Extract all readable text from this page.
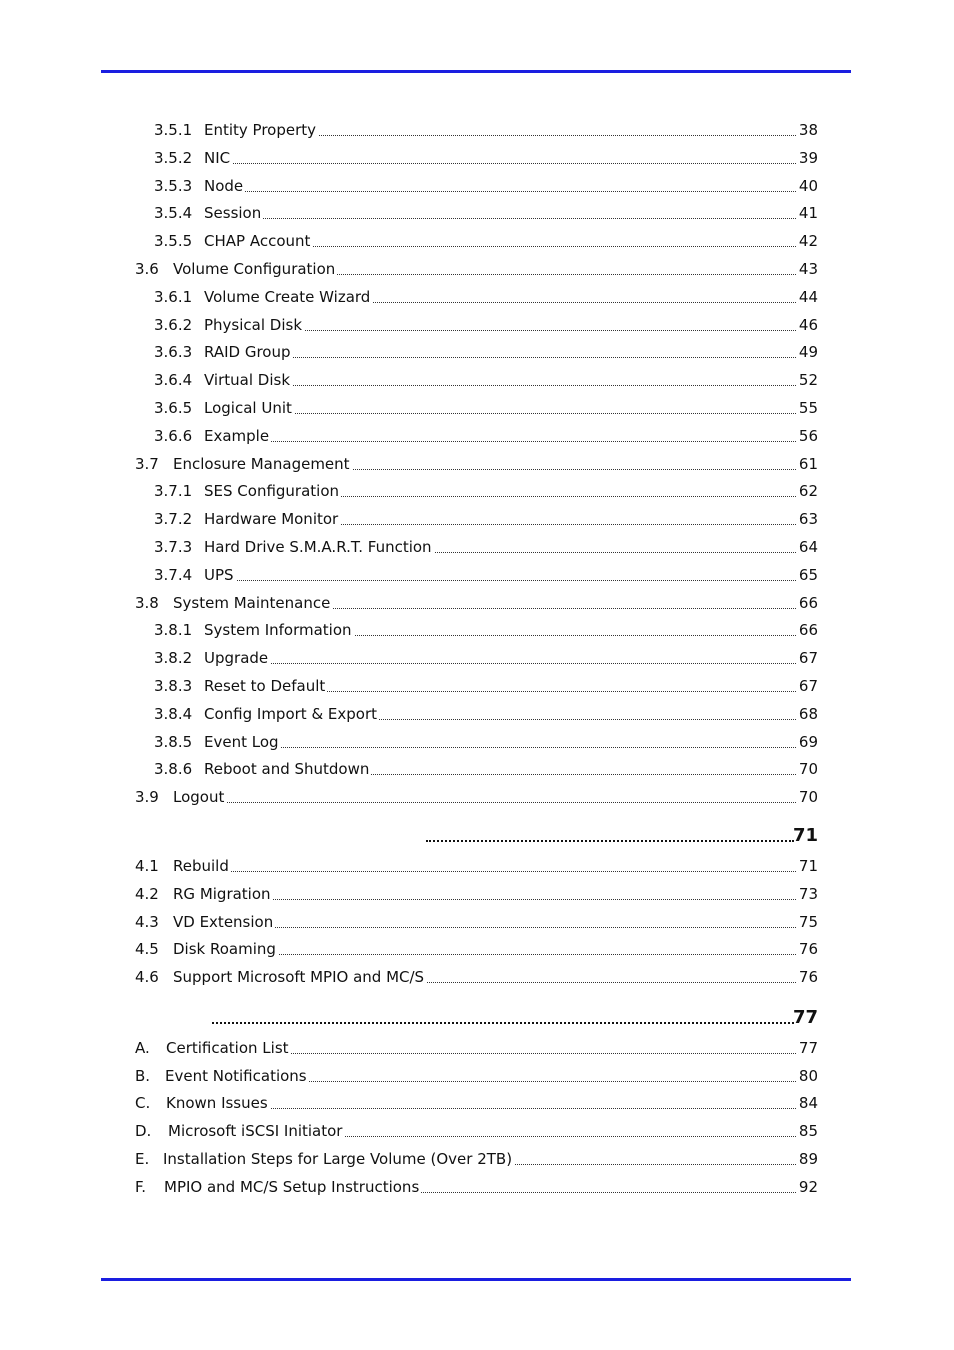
71
77
3.5.1 Entity Property	38
3.5.2 NIC	39
3.5.3 Node	40
3.5.4 Session	41
3.5.5 CHAP Account	42
3.6 Volume Configuration	43
3.6.1 Volume Create Wizard	44
3.6.2 Physical Disk	46
3.6.3 RAID Group	49
3.6.4 Virtual Disk	52
3.6.5 Logical Unit	55
3.6.6 Example	56
3.7 Enclosure Management	61
3.7.1 SES Configuration	62
3.7.2 Hardware Monitor	63
3.7.3 Hard Drive S.M.A.R.T. Function	64
3.7.4 UPS	65
3.8 System Maintenance	66
3.8.1 System Information	66
3.8.2 Upgrade	67
3.8.3 Reset to Default	67
3.8.4 Config Import & Export	68
3.8.5 Event Log	69
3.8.6 Reboot and Shutdown	70
3.9 Logout	70
4.1 Rebuild	71
4.2 RG Migration	73
4.3 VD Extension	75
4.5 Disk Roaming	76
4.6 Support Microsoft MPIO and MC/S	76
A. Certification List	77
B. Event Notifications	80
C. Known Issues	84
D. Microsoft iSCSI Initiator	85
E. Installation Steps for Large Volume (Over 2TB)	89
F. MPIO and MC/S Setup Instructions	92
